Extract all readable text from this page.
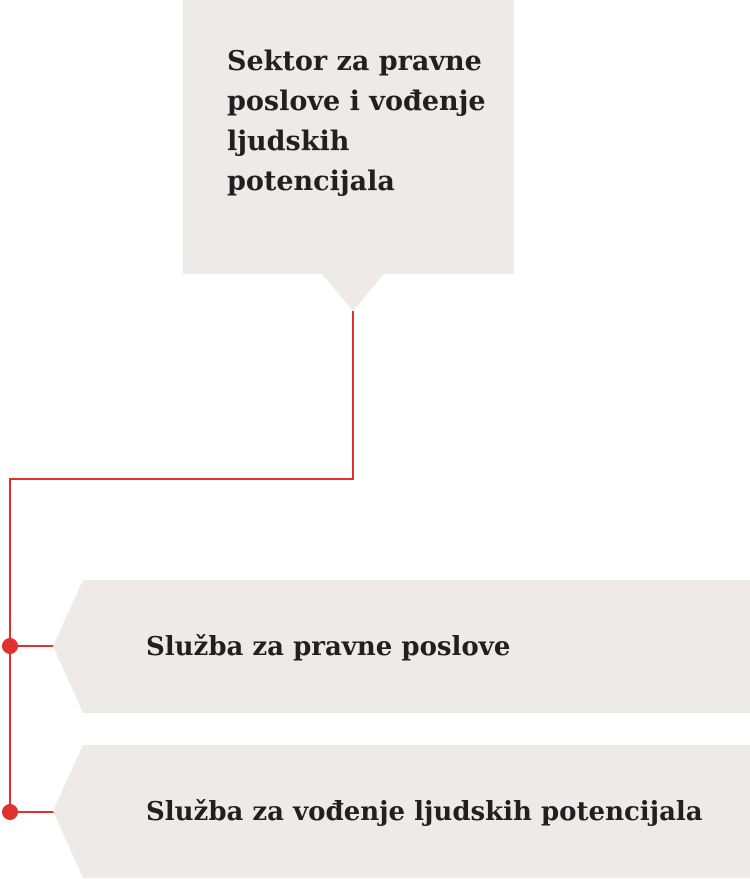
Sektor za pravne poslove i vođenje ljudskih potencijala

Služba za pravne poslove

Služba za vođenje ljudskih potencijala
